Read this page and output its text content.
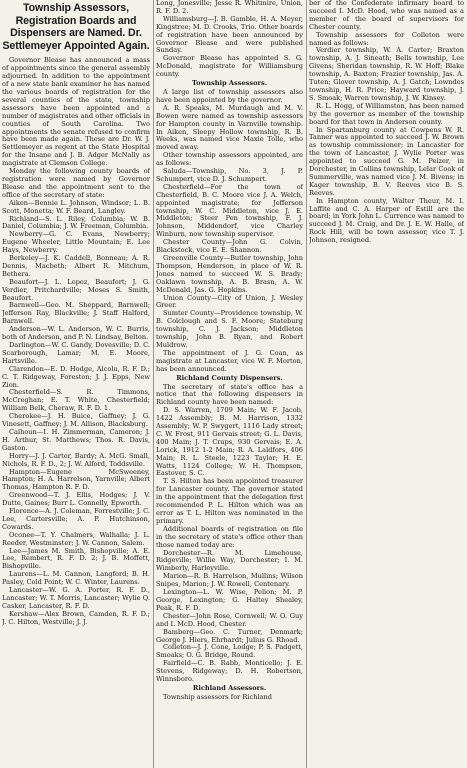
Township Assessors, Registration Boards and Dispensers are Named. Dr. Settlemeyer Appointed Again.

Governor Blease has announced a mass of appointments since the general assembly adjourned. In addition to the appointment of a new state bank examiner he has named the various boards of registration for the several counties of the state, township assessors have been appointed and a number of magistrates and other officials in counties of South Carolina. Two appointments the senate refused to confirm have been made again. These are Dr. W. J. Settlemeyer as regent at the State Hospital for the Insane and J. B. Adger McNally as magistrate at Clemson College.

Monday the following county boards of registration were named by Governor Blease and the appointment sent to the office of the secretary of state:

Aiken—Bennie L. Johnson, Windsor; L. B. Scott, Monetta; W. F. Beard, Langley.

Richland—S. L. Riley, Columbia; W. B. Daniel, Columbia; J. W. Freeman, Columbia.

Newberry—G. C. Evans, Newberry; Eugene Wheeler, Little Mountain; E. Lee Hays, Newberry.

Berkeley—J. K. Caddell, Bonneau; A. R. Dennis, Macbeth; Albert R. Mitchum, Bethera.

Beaufort—J. L. Lopez, Beaufort; J. G. Verdier, Pritchardville; Moses S. Smith, Beaufort.

Barnwell—Geo. M. Sheppard, Barnwell; Jefferson Ray, Blackville; J. Staff Halford, Barnwell.

Anderson—W. L. Anderson, W. C. Burris, both of Anderson, and P. N. Lindsay, Belton.

Darlington—W. C. Gandy, Dovesville; D. C. Scarborough, Lamar; M. E. Moore, Hartsville.

Clarendon—E. D. Hodge, Alcolu, R. F. D.; C. T. Ridgeway, Foreston; J. J. Epps, New Zion.

Chesterfield—S. R. Timmons, McCreghan; E. T. White, Chesterfield; William Belk, Cheraw, R. F. D. 1.

Cherokee—J. H. Buice, Gaffney; J. G. Vinesett, Gaffney; J. M. Allison, Blacksburg.

Calhoun—I. H. Zimmerman, Cameron; J. H. Arthur, St. Matthews; Thos. R. Davis, Gaston.

Horry—J. J. Carter, Bardy; A. McG. Small, Nichols, R. F. D., 2; J. W. Alford, Toddsville.

Hampton—Eugene McSweeney, Hampton; H. A. Harrelson, Yarnville; Albert Thomas, Hampton R. F. D.

Greenwood—T. J. Ellis, Hodges; J. V. Dutte, Gaines; Burr L. Connelly, Epworth.

Florence—A. J. Coleman, Forrestville; J. C. Lee, Cartersville; A. P. Hutchinson, Cowards.

Oconee—T. Y. Chalmers, Walhalla; J. L. Reeder, Westminster; J. W. Cannon, Salem.

Lee—James M. Smith, Bishopville; A. E. Lee, Rembert, R. F. D. 2; J. B. Moffett, Bishopville.

Laurens—L. M. Cannon, Langford; B. H. Pasley, Cold Point; W. C. Winter, Laurens.

Lancaster—W. G. A. Porter, R. F. D., Lancaster; W. T. Morris, Lancaster; Wylie Q. Casker, Lancaster, R. F. D.

Kershaw—Alex Brown, Camden, R. F. D.; J. C. Hilton, Westville; J. J.

Long, Jonesville; Jesse R. Whitmire, Union, R. F. D. 2.

Williamsburg—J. B. Gamble, H. A. Meyer, Kingstree; M. D. Crooks, Trio. Other boards of registration have been announced by Governor Blease and were published Sunday.

Governor Blease has appointed S. G. McDonald, magistrate for Williamsburg county.

Township Assessors.

A large list of township assessors also have been appointed by the governor.

A. R. Speaks, M. Murdaugh and M. V. Bowen were named as township assessors for Hampton county in Varnville township. In Aiken, Sleepy Hollow township, R. B. Weeks, was named vice Maxie Tolle, who moved away.

Other township assessors appointed, are as follows:

Saluda—Township, No. 3, J. P. Schumpert, vice D. J. Schumpert.

Chesterfield—For the town of Chesterfield, B. C. Moore vice J. A. Welch, appointed magistrate; for Jefferson township, W. C. Middleton, vice J. E. Middleton; Steer Pen township, F. J. Johnson, Middendorf, vice Charley Winburn, now township supervisor.

Chester County—John G. Colvin, Blackstock, vice E. E. Shannon.

Greenville County—Butler township, John Thompson, Henderson, in place of W. R. Jones named to succeed W. S. Brady; Oaklawn township, A. B. Brasn, A. W. McDonald, Jas. G. Hopkins.

Union County—City of Union, J. Wesley Greer.

Sumter County—Providence township, W. B. Colclough and S. F. Moore; Stateburg township, C. J. Jackson; Middleton township, John B. Ryan, and Robert Muldrow.

The appointment of J. G. Coan, as magistrate at Lancaster, vice W. F. Morton, has been announced.

Richland County Dispensers.

The secretary of state's office has a notice that the following dispensers in Richland county have been named:

D. S. Warren, 1709 Main; W. F. Jacob, 1422 Assembly; B. M. Harrison, 1332 Assembly; W. P. Swygert, 1116 Lady street; C. W. Frost, 911 Gervais street; G. L. Davis, 400 Main; J. T. Craps, 930 Gervais; E. A. Lorick, 1912 1-2 Main; R. A. Laldfors, 406 Main; R. L. Steele, 1223 Taylor; H. E. Watts, 1124 College; W. H. Thompson, Eastover, S. C.

T. S. Hilton has been appointed treasurer for Lancaster county. The governor stated in the appointment that the delegation first recommended P. L. Hilton which was an error as T. L. Hilton was nominated in the primary.

Additional boards of registration on file in the secretary of state's office other than those named today are:

Dorchester—R. M. Limehouse, Ridgeville; Willie Way, Dorchester; I. M. Wimberly, Harleyville.

Marion—R. B. Harrelson, Mullins; Wilson Snipes, Marion; J. W. Rowell, Centenary.

Lexington—L. W. Wise, Pelion; M. P. George, Lexington; G. Haltey Shealey, Peak, R. F. D.

Chester—John Rose, Cornwell; W. O. Guy and I. McD. Hood, Chester.

Bamberg—Geo. C. Turner, Denmark; George J. Hiers, Ehrhardt; Julius G. Rhoad.

Colleton—J. J. Cone, Lodge; P. S. Padgett, Smoaks; O. G. Bridge, Round.

Fairfield—C. B. Rabb, Monticello; J. E. Stevens, Ridgeway; D. H. Robertson, Winnsboro.

Richland Assessors.

Township assessors for Richland

ber of the Confederate infirmary board to succeed I. McD. Hood, who was named as a member of the board of supervisors for Chester county.

Township assessors for Colleton were named as follows:

Verdier township, W. A. Carter; Braxton township, A. J. Sineath; Bells township, Lee Givens; Sheridan township, R. W. Hoff; Blake township, A. Baxton; Frazier township, Jas. A. Tuten; Glover township, A. J. Gatch; Lowndes township, H. R. Price; Hayward township, J. S. Smoak; Warren township, J. W. Kinsey.

R. L. Hogg, of Williamston, has been named by the governor as member of the township board for that town in Anderson county.

In Spartanburg county at Cowpens W. R. Tanner was appointed to succeed J. W. Brown as township commissioner; in Lancaster for the town of Lancaster, J. Wylie Porter was appointed to succeed G. M. Peizer, in Dorchester, in Collins township, Lelar Cook of Summerville, was named vice J. M. Bivens; in Kager township, B. V. Reeves vice B. S. Reeves.

In Hampton county, Walter Theur, M. I. Laffite and C. A. Harper of Estill are the board; in York John L. Currence was named to succeed J. M. Craig, and Dr. J. E. W. Halle, of Rock Hill, will be town assessor, vice T. J. Johnson, resigned.
